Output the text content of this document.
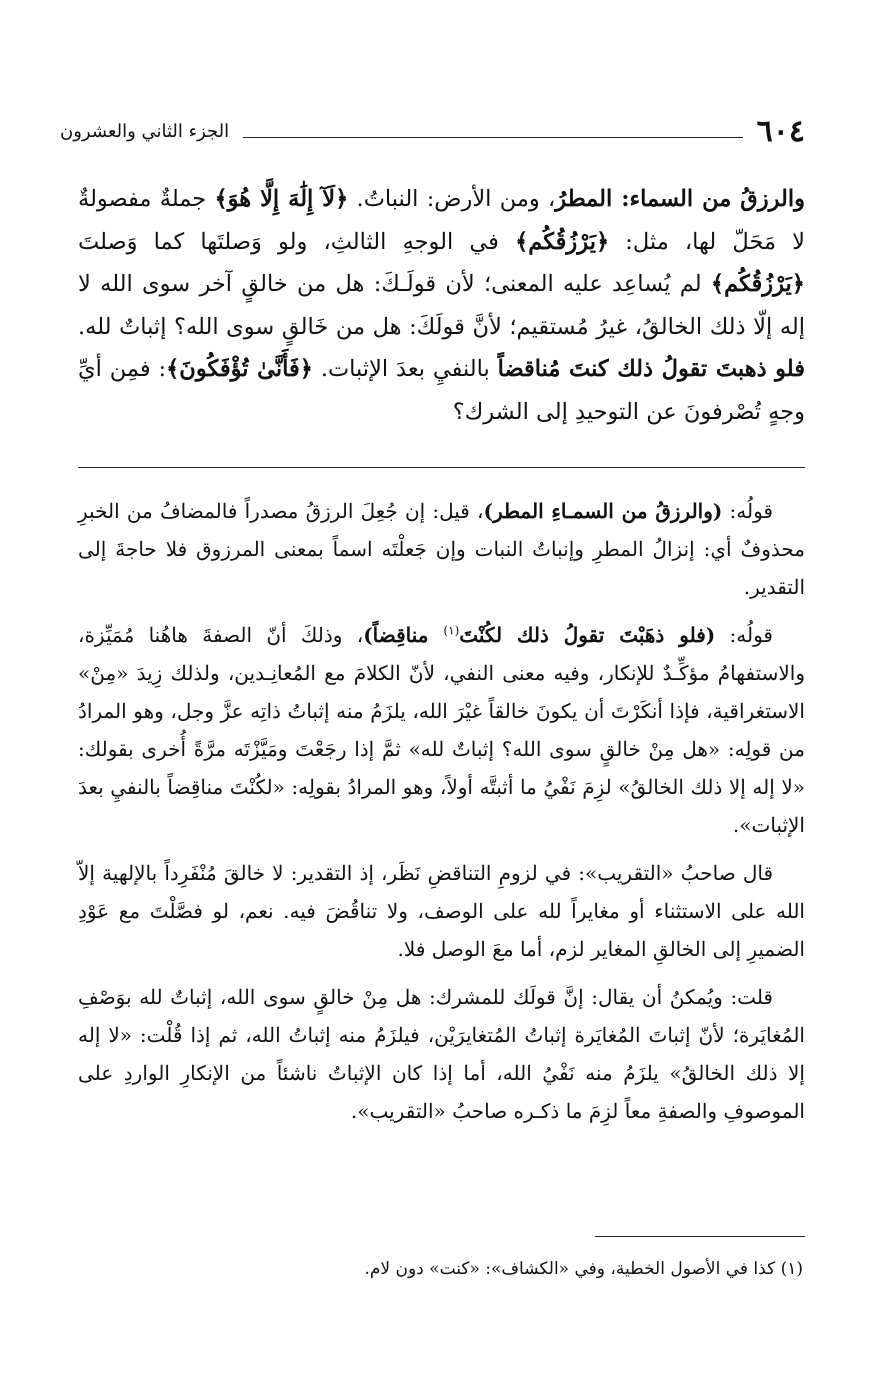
٦٠٤
الجزء الثاني والعشرون

والرزقُ من السماء: المطرُ، ومن الأرض: النباتُ. ﴿لَآ إِلَٰهَ إِلَّا هُوَ﴾ جملةٌ مفصولةٌ لا مَحَلّ لها، مثل: ﴿يَرْزُقُكُم﴾ في الوجهِ الثالثِ، ولو وَصلتَها كما وَصلتَ ﴿يَرْزُقُكُم﴾ لم يُساعِد عليه المعنى؛ لأن قولَـكَ: هل من خالقٍ آخر سوى الله لا إله إلّا ذلك الخالقُ، غيرُ مُستقيم؛ لأنَّ قولَكَ: هل من خَالقٍ سوى الله؟ إثباتٌ لله. فلو ذهبتَ تقولُ ذلك كنتَ مُناقضاً بالنفيِ بعدَ الإثبات. ﴿فَأَنَّىٰ تُؤْفَكُونَ﴾: فمِن أيِّ وجهٍ تُصْرفونَ عن التوحيدِ إلى الشرك؟

قولُه: (والرزقُ من السمـاءِ المطر)، قيل: إن جُعِلَ الرزقُ مصدراً فالمضافُ من الخبرِ محذوفٌ أي: إنزالُ المطرِ وإنباتُ النبات وإن جَعلْتَه اسماً بمعنى المرزوق فلا حاجةَ إلى التقدير.

قولُه: (فلو ذهَبْتَ تقولُ ذلك لكُنْتَ$^{(١)}$ مناقِضاً)، وذلكَ أنّ الصفةَ هاهُنا مُمَيِّزة، والاستفهامُ مؤكِّـدٌ للإنكار، وفيه معنى النفي، لأنّ الكلامَ مع المُعانِـدين، ولذلك زِيدَ «مِنْ» الاستغراقية، فإذا أنكَرْتَ أن يكونَ خالقاً غيْرَ الله، يلزَمُ منه إثباتُ ذاتِه عزَّ وجل، وهو المرادُ من قولِه: «هل مِنْ خالقٍ سوى الله؟ إثباتٌ لله» ثمَّ إذا رجَعْتَ ومَيَّزْتَه مرَّةً أُخرى بقولك: «لا إله إلا ذلك الخالقُ» لزِمَ نَفْيُ ما أثبتَّه أولاً، وهو المرادُ بقولِه: «لكُنْتَ مناقِضاً بالنفيِ بعدَ الإثبات».

قال صاحبُ «التقريب»: في لزومِ التناقضِ نَظَر، إذ التقدير: لا خالقَ مُنْفَرِداً بالإلهية إلاّ الله على الاستثناء أو مغايراً لله على الوصف، ولا تناقُضَ فيه. نعم، لو فصَّلْتَ مع عَوْدِ الضميرِ إلى الخالقِ المغاير لزم، أما معَ الوصل فلا.

قلت: ويُمكنُ أن يقال: إنَّ قولَك للمشرك: هل مِنْ خالقٍ سوى الله، إثباتٌ لله بوَصْفِ المُغايَرة؛ لأنّ إثباتَ المُغايَرة إثباتُ المُتغايرَيْن، فيلزَمُ منه إثباتُ الله، ثم إذا قُلْت: «لا إله إلا ذلك الخالقُ» يلزَمُ منه نَفْيُ الله، أما إذا كان الإثباتُ ناشئاً من الإنكارِ الواردِ على الموصوفِ والصفةِ معاً لزِمَ ما ذكـره صاحبُ «التقريب».

(١) كذا في الأصول الخطية، وفي «الكشاف»: «كنت» دون لام.
